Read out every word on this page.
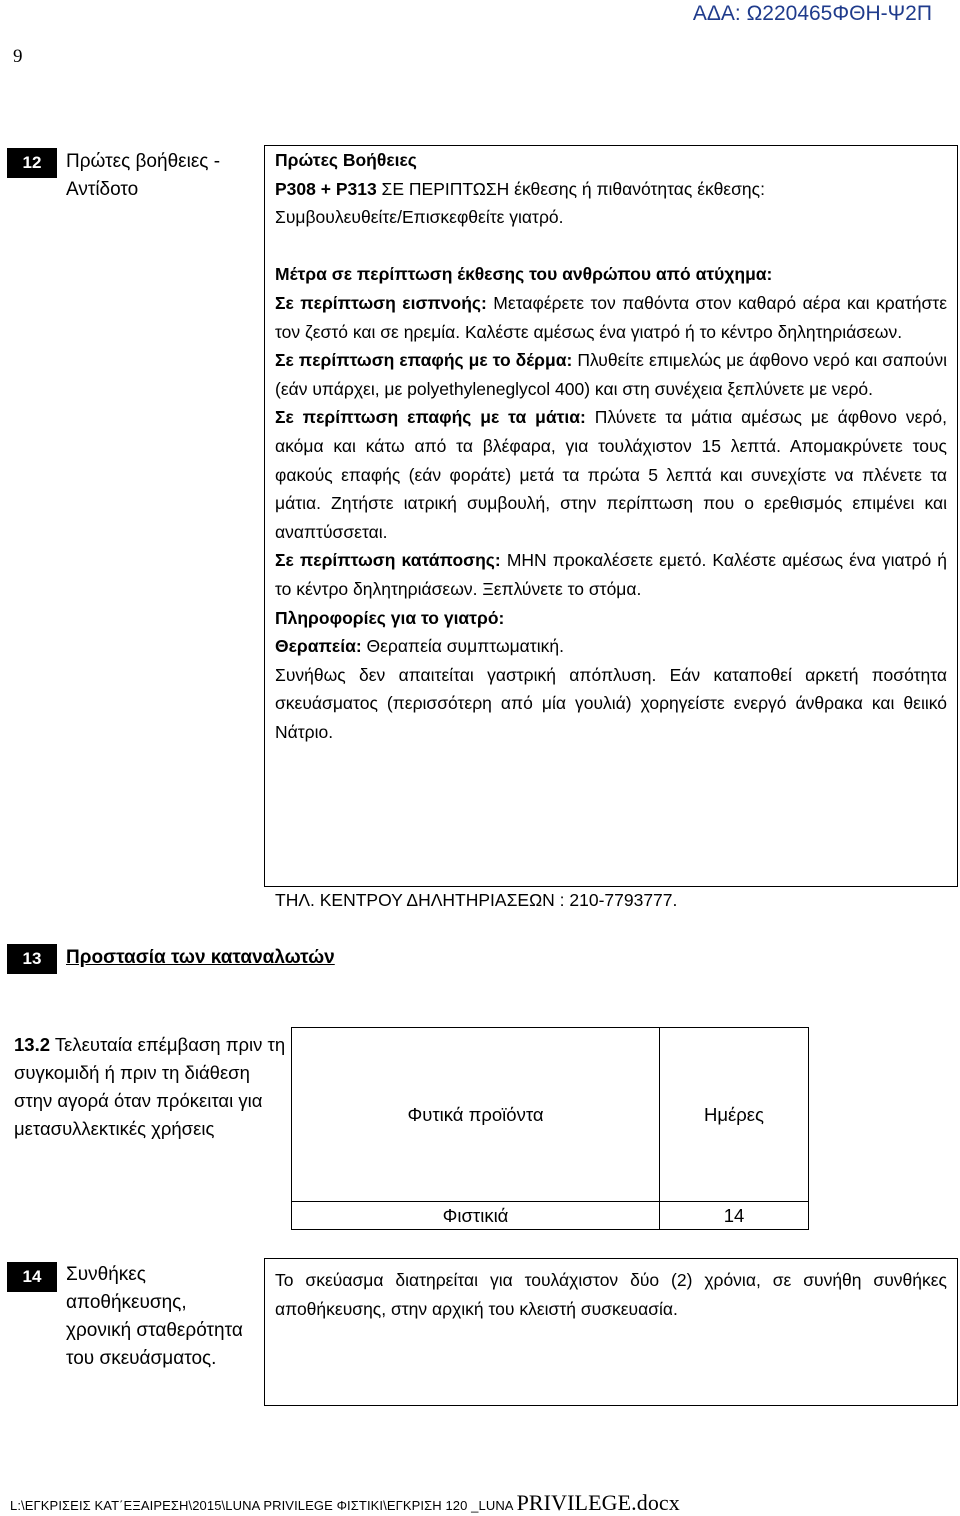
ΑΔΑ: Ω220465ΦΘΗ-Ψ2Π
9
12	Πρώτες βοήθειες -
Αντίδοτο

Πρώτες Βοήθειες

P308 + P313 ΣΕ ΠΕΡΙΠΤΩΣΗ έκθεσης ή πιθανότητας έκθεσης:

Συμβουλευθείτε/Επισκεφθείτε γιατρό.

Μέτρα σε περίπτωση έκθεσης του ανθρώπου από ατύχημα:

Σε περίπτωση εισπνοής: Μεταφέρετε τον παθόντα στον καθαρό αέρα και κρατήστε τον ζεστό και σε ηρεμία. Καλέστε αμέσως ένα γιατρό ή το κέντρο δηλητηριάσεων.

Σε περίπτωση επαφής με το δέρμα: Πλυθείτε επιμελώς με άφθονο νερό και σαπούνι (εάν υπάρχει, με polyethyleneglycol 400) και στη συνέχεια ξεπλύνετε με νερό.

Σε περίπτωση επαφής με τα μάτια: Πλύνετε τα μάτια αμέσως με άφθονο νερό, ακόμα και κάτω από τα βλέφαρα, για τουλάχιστον 15 λεπτά. Απομακρύνετε τους φακούς επαφής (εάν φοράτε) μετά τα πρώτα 5 λεπτά και συνεχίστε να πλένετε τα μάτια. Ζητήστε ιατρική συμβουλή, στην περίπτωση που ο ερεθισμός επιμένει και αναπτύσσεται.

Σε περίπτωση κατάποσης: ΜΗΝ προκαλέσετε εμετό. Καλέστε αμέσως ένα γιατρό ή το κέντρο δηλητηριάσεων. Ξεπλύνετε το στόμα.

Πληροφορίες για το γιατρό:

Θεραπεία: Θεραπεία συμπτωματική.

Συνήθως δεν απαιτείται γαστρική απόπλυση. Εάν καταποθεί αρκετή ποσότητα σκευάσματος (περισσότερη από μία γουλιά) χορηγείστε ενεργό άνθρακα και θειικό Νάτριο.

ΤΗΛ. ΚΕΝΤΡΟΥ ΔΗΛΗΤΗΡΙΑΣΕΩΝ : 210-7793777.
13	Προστασία των καταναλωτών
13.2 Τελευταία επέμβαση πριν τη συγκομιδή ή πριν τη διάθεση στην αγορά όταν πρόκειται για μετασυλλεκτικές χρήσεις
Φυτικά προϊόντα	Ημέρες
Φιστικιά	14
14	Συνθήκες αποθήκευσης, χρονική σταθερότητα του σκευάσματος.

Το σκεύασμα διατηρείται για τουλάχιστον δύο (2) χρόνια, σε συνήθη συνθήκες αποθήκευσης, στην αρχική του κλειστή συσκευασία.

L:\ΕΓΚΡΙΣΕΙΣ ΚΑΤ΄ΕΞΑΙΡΕΣΗ\2015\LUNA PRIVILEGE ΦΙΣΤΙΚΙ\ΕΓΚΡΙΣΗ 120 _LUNA PRIVILEGE.docx
